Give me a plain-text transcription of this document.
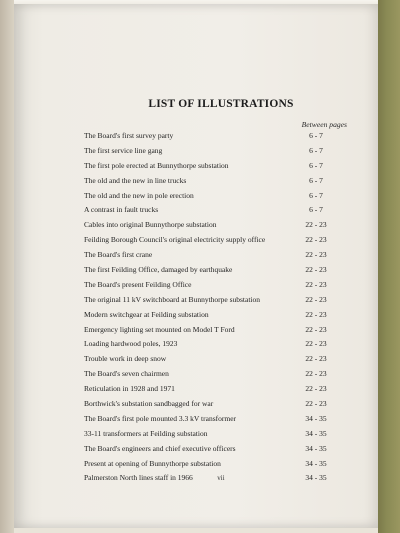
LIST OF ILLUSTRATIONS
Between pages
The Board's first survey party	6 - 7
The first service line gang	6 - 7
The first pole erected at Bunnythorpe substation	6 - 7
The old and the new in line trucks	6 - 7
The old and the new in pole erection	6 - 7
A contrast in fault trucks	6 - 7
Cables into original Bunnythorpe substation	22 - 23
Feilding Borough Council's original electricity supply office	22 - 23
The Board's first crane	22 - 23
The first Feilding Office, damaged by earthquake	22 - 23
The Board's present Feilding Office	22 - 23
The original 11 kV switchboard at Bunnythorpe substation	22 - 23
Modern switchgear at Feilding substation	22 - 23
Emergency lighting set mounted on Model T Ford	22 - 23
Loading hardwood poles, 1923	22 - 23
Trouble work in deep snow	22 - 23
The Board's seven chairmen	22 - 23
Reticulation in 1928 and 1971	22 - 23
Borthwick's substation sandbagged for war	22 - 23
The Board's first pole mounted 3.3 kV transformer	34 - 35
33-11 transformers at Feilding substation	34 - 35
The Board's engineers and chief executive officers	34 - 35
Present at opening of Bunnythorpe substation	34 - 35
Palmerston North lines staff in 1966	34 - 35
vii
